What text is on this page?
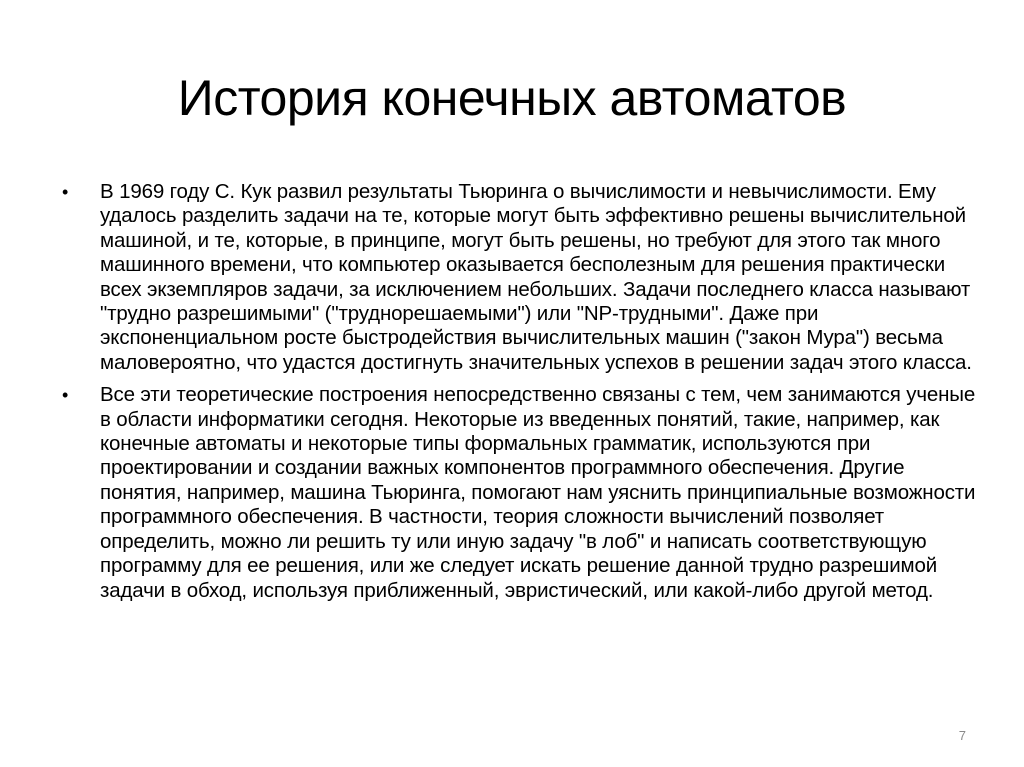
История конечных автоматов
•	В 1969 году С. Кук развил результаты Тьюринга о вычислимости и невычислимости. Ему удалось разделить задачи на те, которые могут быть эффективно решены вычислительной машиной, и те, которые, в принципе, могут быть решены, но требуют для этого так много машинного времени, что компьютер оказывается бесполезным для решения практически всех экземпляров задачи, за исключением небольших. Задачи последнего класса называют "трудно разрешимыми" ("труднорешаемыми") или "NP-трудными". Даже при экспоненциальном росте быстродействия вычислительных машин ("закон Мура") весьма маловероятно, что удастся достигнуть значительных успехов в решении задач этого класса.
•	Все эти теоретические построения непосредственно связаны с тем, чем занимаются ученые в области информатики сегодня. Некоторые из введенных понятий, такие, например, как конечные автоматы и некоторые типы формальных грамматик, используются при проектировании и создании важных компонентов программного обеспечения. Другие понятия, например, машина Тьюринга, помогают нам уяснить принципиальные возможности программного обеспечения. В частности, теория сложности вычислений позволяет определить, можно ли решить ту или иную задачу "в лоб" и написать соответствующую программу для ее решения, или же следует искать решение данной трудно разрешимой задачи в обход, используя приближенный, эвристический, или какой-либо другой метод.
7
